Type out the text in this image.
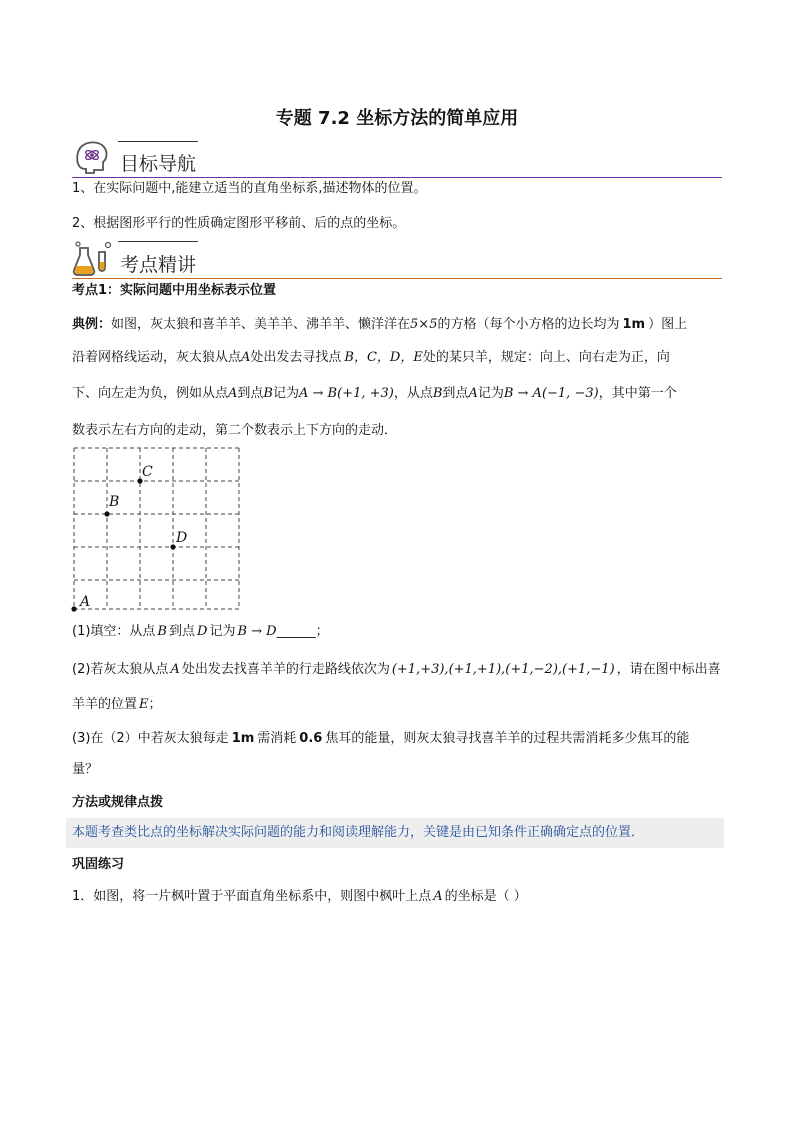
专题 7.2 坐标方法的简单应用
目标导航
1、在实际问题中,能建立适当的直角坐标系,描述物体的位置。
2、根据图形平行的性质确定图形平移前、后的点的坐标。
考点精讲
考点1：实际问题中用坐标表示位置
典例：如图，灰太狼和喜羊羊、美羊羊、沸羊羊、懒洋洋在5×5的方格（每个小方格的边长均为 1m ）图上
沿着网格线运动，灰太狼从点A处出发去寻找点 B，C，D，E处的某只羊，规定：向上、向右走为正，向
下、向左走为负，例如从点A到点B记为A → B(+1, +3)，从点B到点A记为B → A(−1, −3)，其中第一个
数表示左右方向的走动，第二个数表示上下方向的走动．
A
B
C
D
(1)填空：从点 B 到点 D 记为 B → D______；
(2)若灰太狼从点 A 处出发去找喜羊羊的行走路线依次为 (+1,+3),(+1,+1),(+1,−2),(+1,−1) ，请在图中标出喜
羊羊的位置 E；
(3)在（2）中若灰太狼每走 1m 需消耗 0.6 焦耳的能量，则灰太狼寻找喜羊羊的过程共需消耗多少焦耳的能
量？
方法或规律点拨
本题考查类比点的坐标解决实际问题的能力和阅读理解能力，关键是由已知条件正确确定点的位置．
巩固练习
1．如图，将一片枫叶置于平面直角坐标系中，则图中枫叶上点 A 的坐标是（ ）
